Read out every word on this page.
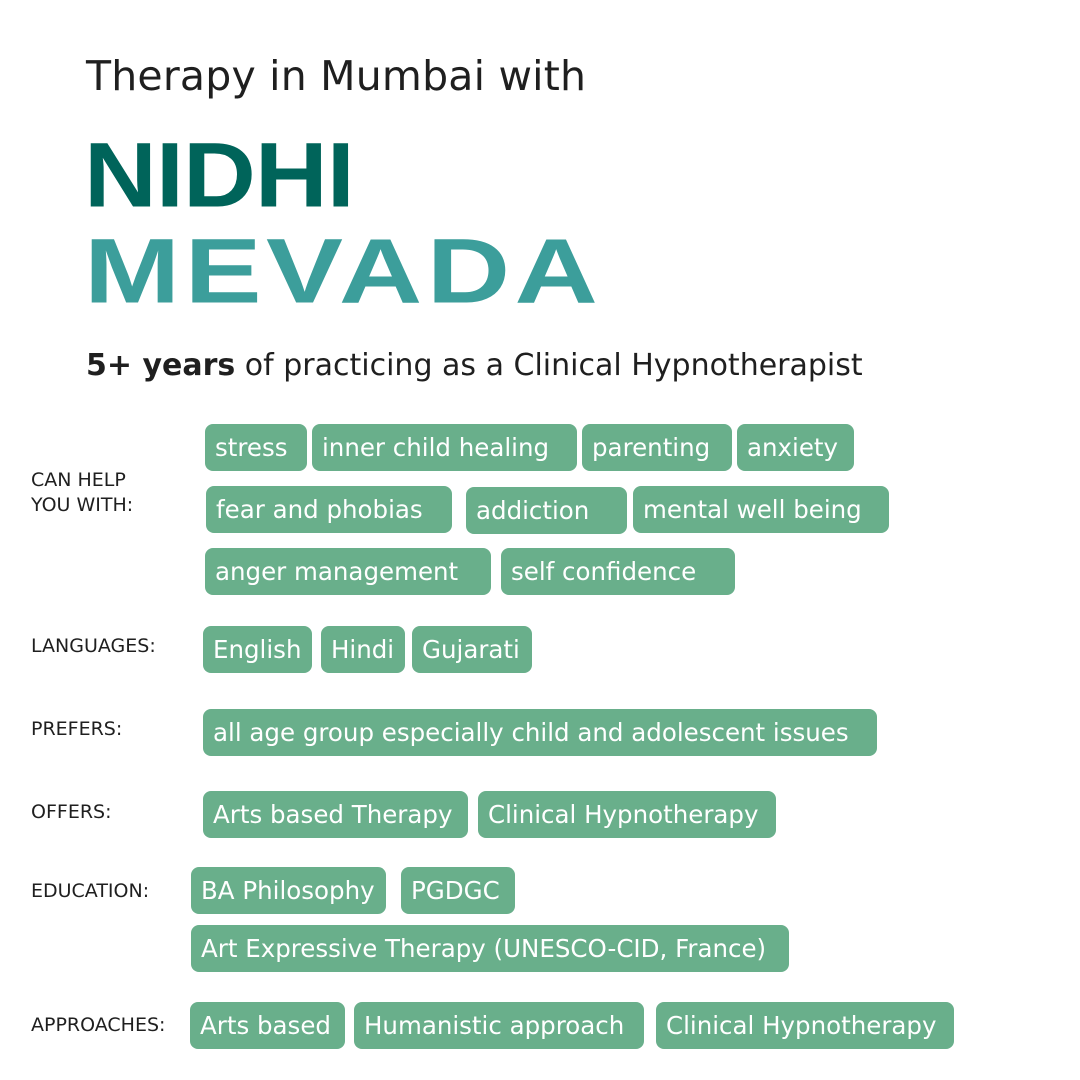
Therapy in Mumbai with
NIDHI
MEVADA
5+ years of practicing as a Clinical Hypnotherapist
CAN HELP
YOU WITH:
stress	inner child healing	parenting	anxiety
fear and phobias	addiction	mental well being
anger management	self confidence
LANGUAGES:	English	Hindi	Gujarati
PREFERS:	all age group especially child and adolescent issues
OFFERS:	Arts based Therapy	Clinical Hypnotherapy
EDUCATION:	BA Philosophy	PGDGC
Art Expressive Therapy (UNESCO-CID, France)
APPROACHES:	Arts based	Humanistic approach	Clinical Hypnotherapy
